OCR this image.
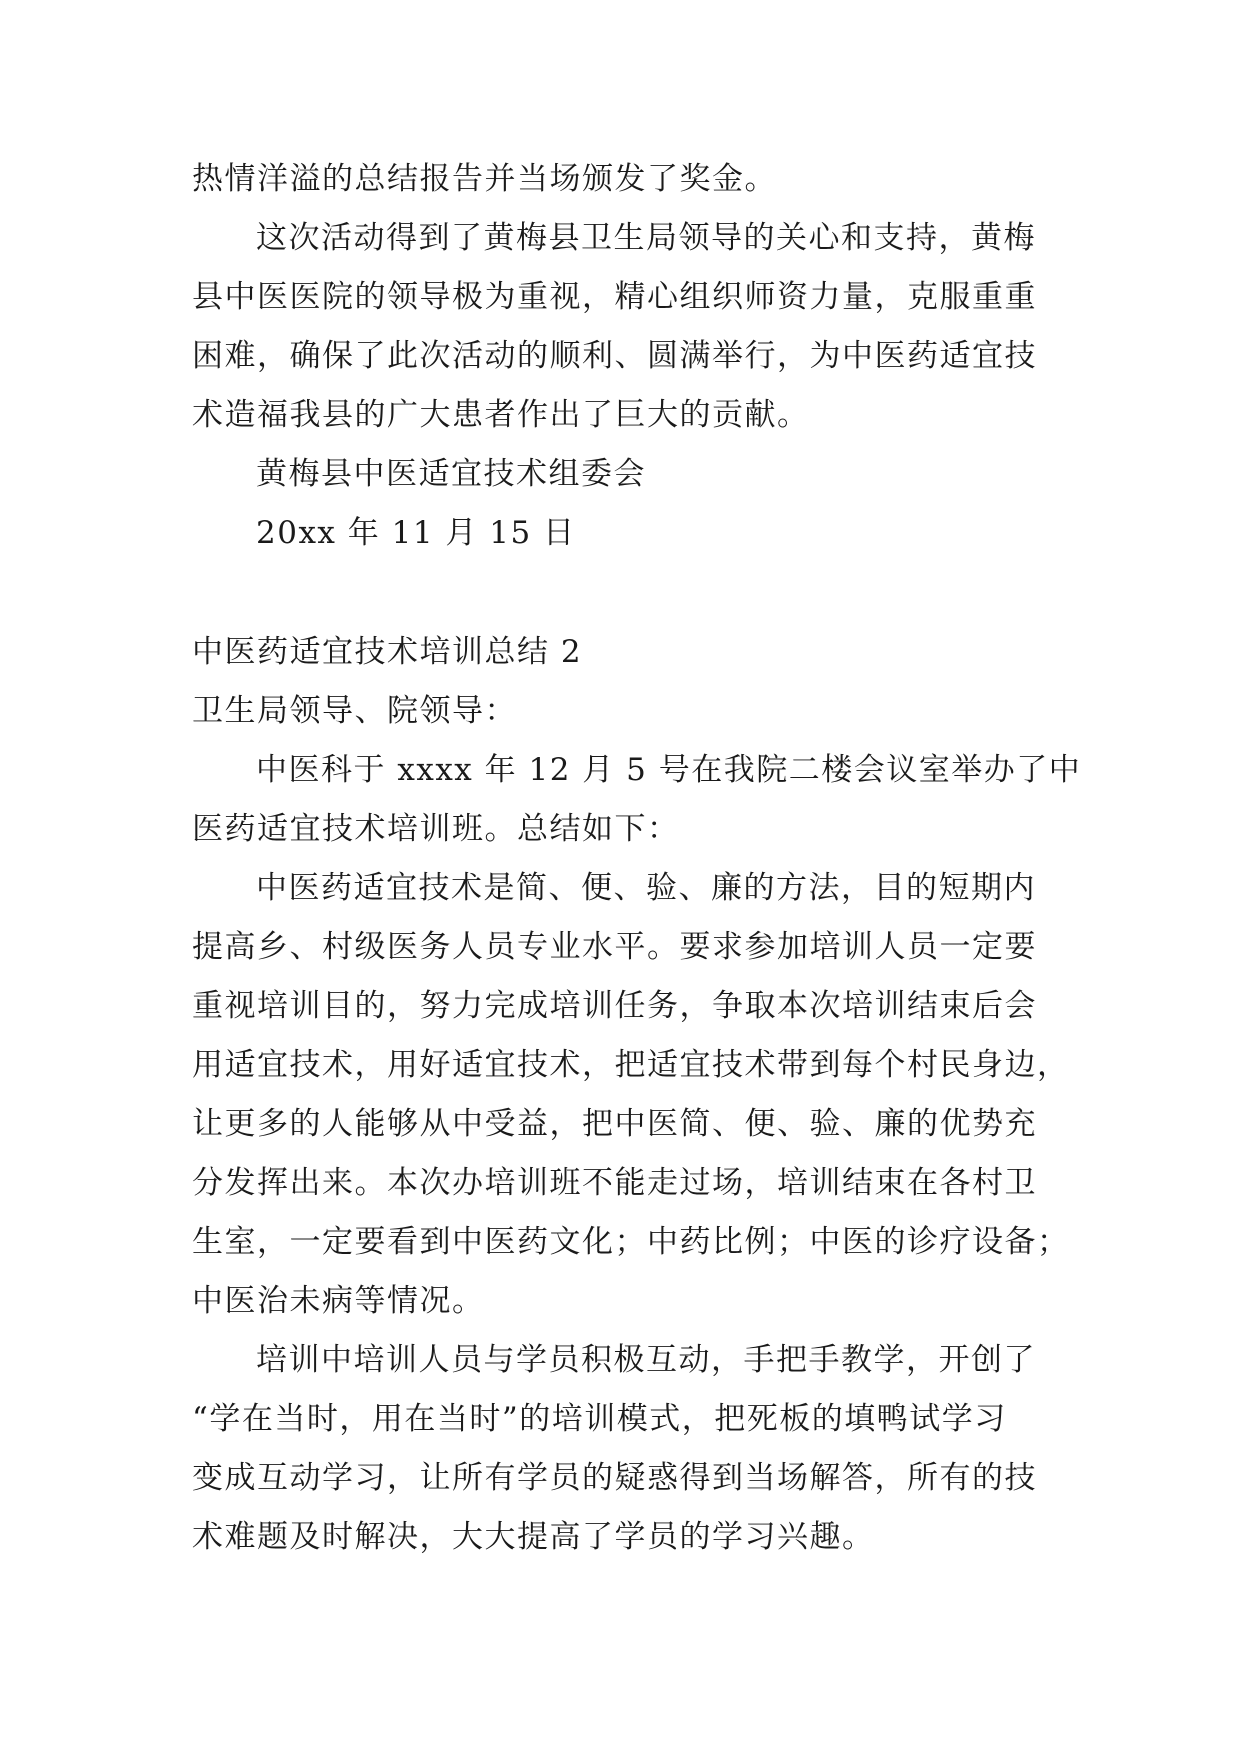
热情洋溢的总结报告并当场颁发了奖金。
这次活动得到了黄梅县卫生局领导的关心和支持，黄梅
县中医医院的领导极为重视，精心组织师资力量，克服重重
困难，确保了此次活动的顺利、圆满举行，为中医药适宜技
术造福我县的广大患者作出了巨大的贡献。
黄梅县中医适宜技术组委会
20xx 年 11 月 15 日
中医药适宜技术培训总结 2
卫生局领导、院领导：
中医科于 xxxx 年 12 月 5 号在我院二楼会议室举办了中
医药适宜技术培训班。总结如下：
中医药适宜技术是简、便、验、廉的方法，目的短期内
提高乡、村级医务人员专业水平。要求参加培训人员一定要
重视培训目的，努力完成培训任务，争取本次培训结束后会
用适宜技术，用好适宜技术，把适宜技术带到每个村民身边，
让更多的人能够从中受益，把中医简、便、验、廉的优势充
分发挥出来。本次办培训班不能走过场，培训结束在各村卫
生室，一定要看到中医药文化；中药比例；中医的诊疗设备；
中医治未病等情况。
培训中培训人员与学员积极互动，手把手教学，开创了
“学在当时，用在当时”的培训模式，把死板的填鸭试学习
变成互动学习，让所有学员的疑惑得到当场解答，所有的技
术难题及时解决，大大提高了学员的学习兴趣。
